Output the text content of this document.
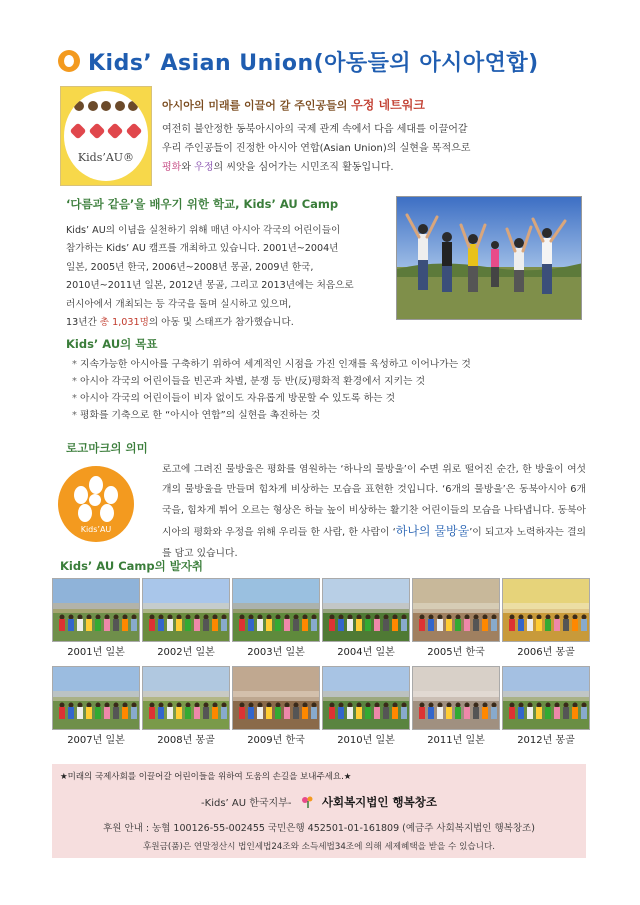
Kids’ Asian Union(아동들의 아시아연합)
Kids’AU®
아시아의 미래를 이끌어 갈 주인공들의 우정 네트워크
여전히 불안정한 동북아시아의 국제 관계 속에서 다음 세대를 이끌어갈
우리 주인공들이 진정한 아시아 연합(Asian Union)의 실현을 목적으로
평화와 우정의 씨앗을 심어가는 시민조직 활동입니다.
‘다름과 같음’을 배우기 위한 학교, Kids’ AU Camp
Kids’ AU의 이념을 실천하기 위해 매년 아시아 각국의 어린이들이
참가하는 Kids’ AU 캠프를 개최하고 있습니다. 2001년~2004년
일본, 2005년 한국, 2006년~2008년 몽골, 2009년 한국,
2010년~2011년 일본, 2012년 몽골, 그리고 2013년에는 처음으로
러시아에서 개최되는 등 각국을 돌며 실시하고 있으며,
13년간 총 1,031명의 아동 및 스태프가 참가했습니다.
Kids’ AU의 목표
* 지속가능한 아시아를 구축하기 위하여 세계적인 시점을 가진 인재를 육성하고 이어나가는 것
* 아시아 각국의 어린이들을 빈곤과 차별, 분쟁 등 반(反)평화적 환경에서 지키는 것
* 아시아 각국의 어린이들이 비자 없이도 자유롭게 방문할 수 있도록 하는 것
* 평화를 기축으로 한 “아시아 연합”의 실현을 촉진하는 것
로고마크의 의미
Kids’AU
로고에 그려진 물방울은 평화를 염원하는 ‘하나의 물방울’이 수면 위로 떨어진 순간, 한 방울이 여섯 개의 물방울을 만들며 힘차게 비상하는 모습을 표현한 것입니다. ‘6개의 물방울’은 동북아시아 6개국을, 힘차게 튀어 오르는 형상은 하늘 높이 비상하는 활기찬 어린이들의 모습을 나타냅니다. 동북아시아의 평화와 우정을 위해 우리들 한 사람, 한 사람이 ‘하나의 물방울’이 되고자 노력하자는 결의를 담고 있습니다.
Kids’ AU Camp의 발자취
2001년 일본	2002년 일본	2003년 일본	2004년 일본	2005년 한국	2006년 몽골
2007년 일본	2008년 몽골	2009년 한국	2010년 일본	2011년 일본	2012년 몽골
★미래의 국제사회를 이끌어갈 어린이들을 위하여 도움의 손길을 보내주세요.★
-Kids’ AU 한국지부-	사회복지법인 행복창조
후원 안내 : 농협 100126-55-002455 국민은행 452501-01-161809 (예금주 사회복지법인 행복창조)
후원금(품)은 연말정산시 법인세법24조와 소득세법34조에 의해 세제혜택을 받을 수 있습니다.
